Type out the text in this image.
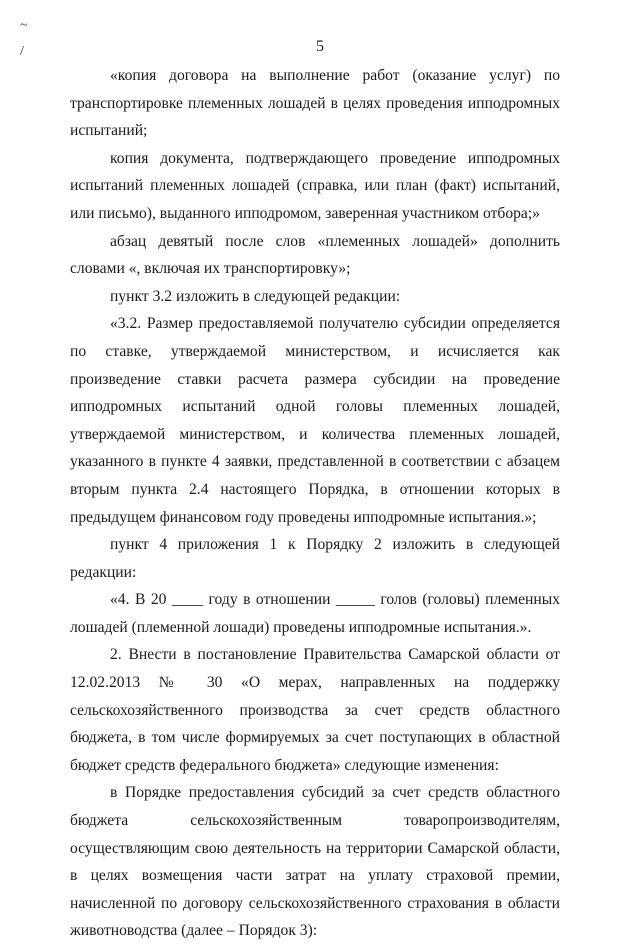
~
/	5

«копия договора на выполнение работ (оказание услуг) по транспортировке племенных лошадей в целях проведения ипподромных испытаний;

копия документа, подтверждающего проведение ипподромных испытаний племенных лошадей (справка, или план (факт) испытаний, или письмо), выданного ипподромом, заверенная участником отбора;»

абзац девятый после слов «племенных лошадей» дополнить словами «, включая их транспортировку»;

пункт 3.2 изложить в следующей редакции:

«3.2. Размер предоставляемой получателю субсидии определяется по ставке, утверждаемой министерством, и исчисляется как произведение ставки расчета размера субсидии на проведение ипподромных испытаний одной головы племенных лошадей, утверждаемой министерством, и количества племенных лошадей, указанного в пункте 4 заявки, представленной в соответствии с абзацем вторым пункта 2.4 настоящего Порядка, в отношении которых в предыдущем финансовом году проведены ипподромные испытания.»;

пункт 4 приложения 1 к Порядку 2 изложить в следующей редакции:

«4. В 20 ____ году в отношении _____ голов (головы) племенных лошадей (племенной лошади) проведены ипподромные испытания.».

2. Внести в постановление Правительства Самарской области от 12.02.2013 № 30 «О мерах, направленных на поддержку сельскохозяйственного производства за счет средств областного бюджета, в том числе формируемых за счет поступающих в областной бюджет средств федерального бюджета» следующие изменения:

в Порядке предоставления субсидий за счет средств областного бюджета сельскохозяйственным товаропроизводителям, осуществляющим свою деятельность на территории Самарской области, в целях возмещения части затрат на уплату страховой премии, начисленной по договору сельскохозяйственного страхования в области животноводства (далее – Порядок 3):
